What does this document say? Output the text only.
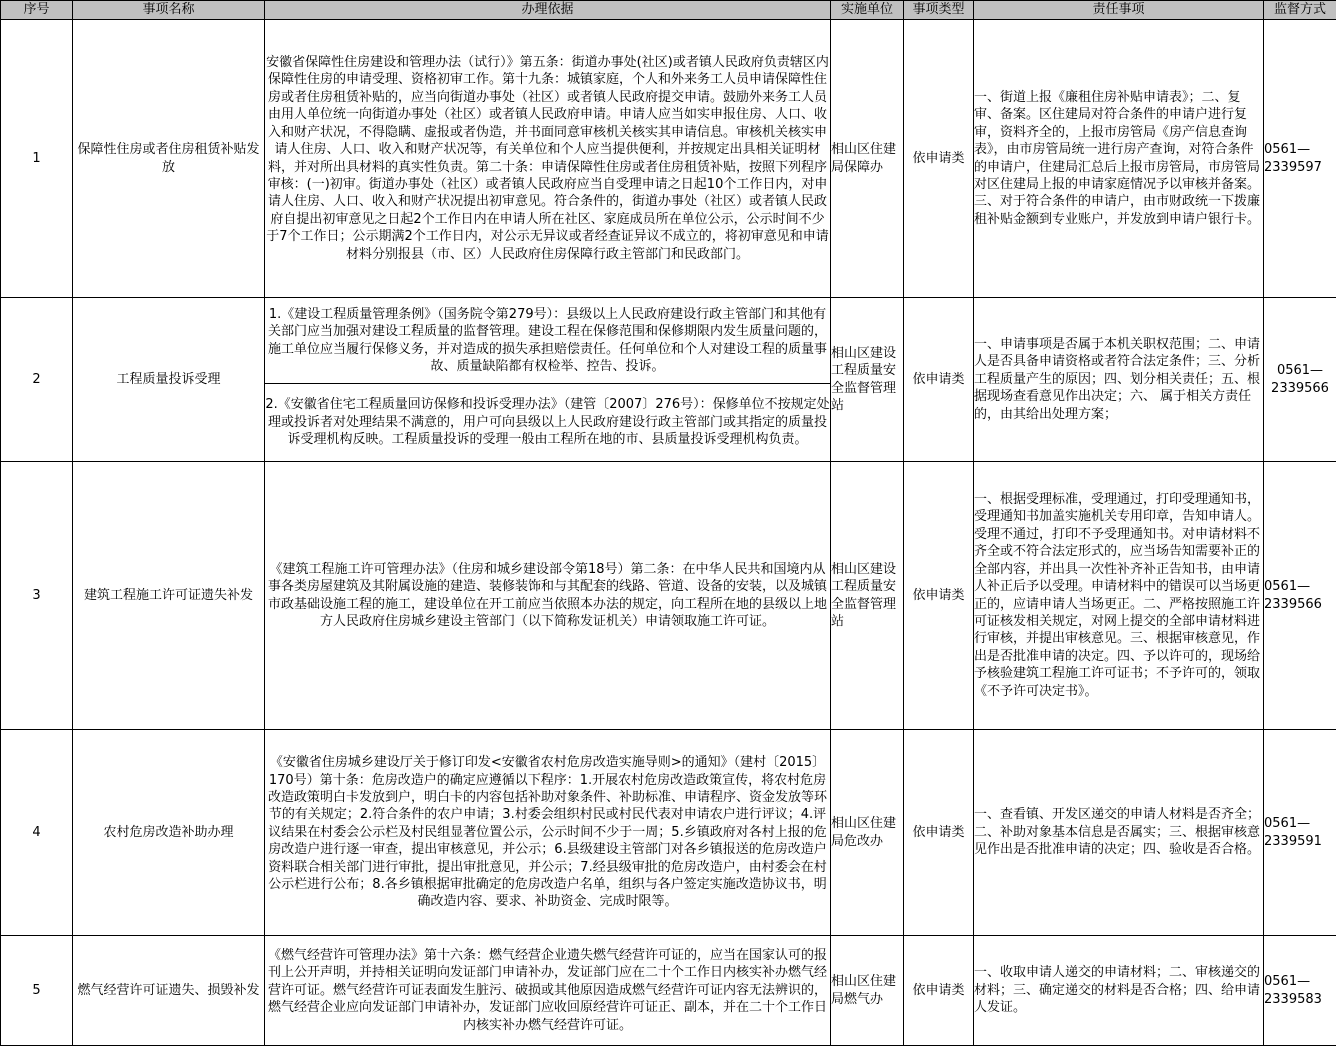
序号	事项名称	办理依据	实施单位	事项类型	责任事项	监督方式
1	保障性住房或者住房租赁补贴发放	安徽省保障性住房建设和管理办法（试行）》第五条：街道办事处(社区)或者镇人民政府负责辖区内保障性住房的申请受理、资格初审工作。第十九条：城镇家庭，个人和外来务工人员申请保障性住房或者住房租赁补贴的，应当向街道办事处（社区）或者镇人民政府提交申请。鼓励外来务工人员由用人单位统一向街道办事处（社区）或者镇人民政府申请。申请人应当如实申报住房、人口、收入和财产状况，不得隐瞒、虚报或者伪造，并书面同意审核机关核实其申请信息。审核机关核实申请人住房、人口、收入和财产状况等，有关单位和个人应当提供便利，并按规定出具相关证明材料，并对所出具材料的真实性负责。第二十条：申请保障性住房或者住房租赁补贴，按照下列程序审核：(一)初审。街道办事处（社区）或者镇人民政府应当自受理申请之日起10个工作日内，对申请人住房、人口、收入和财产状况提出初审意见。符合条件的，街道办事处（社区）或者镇人民政府自提出初审意见之日起2个工作日内在申请人所在社区、家庭成员所在单位公示，公示时间不少于7个工作日；公示期满2个工作日内，对公示无异议或者经查证异议不成立的，将初审意见和申请材料分别报县（市、区）人民政府住房保障行政主管部门和民政部门。	相山区住建局保障办	依申请类	一、街道上报《廉租住房补贴申请表》；二、复审、备案。区住建局对符合条件的申请户进行复审，资料齐全的，上报市房管局《房产信息查询表》，由市房管局统一进行房产查询，对符合条件的申请户，住建局汇总后上报市房管局，市房管局对区住建局上报的申请家庭情况予以审核并备案。三、对于符合条件的申请户，由市财政统一下拨廉租补贴金额到专业账户，并发放到申请户银行卡。	0561—2339597
2	工程质量投诉受理	1.《建设工程质量管理条例》（国务院令第279号）：县级以上人民政府建设行政主管部门和其他有关部门应当加强对建设工程质量的监督管理。建设工程在保修范围和保修期限内发生质量问题的，施工单位应当履行保修义务，并对造成的损失承担赔偿责任。任何单位和个人对建设工程的质量事故、质量缺陷都有权检举、控告、投诉。	相山区建设工程质量安全监督管理站	依申请类	一、申请事项是否属于本机关职权范围；二、申请人是否具备申请资格或者符合法定条件；三、分析工程质量产生的原因；四、划分相关责任；五、根据现场查看意见作出决定；六、 属于相关方责任的，由其给出处理方案；	0561—2339566
		2.《安徽省住宅工程质量回访保修和投诉受理办法》（建管〔2007〕276号）：保修单位不按规定处理或投诉者对处理结果不满意的，用户可向县级以上人民政府建设行政主管部门或其指定的质量投诉受理机构反映。工程质量投诉的受理一般由工程所在地的市、县质量投诉受理机构负责。				
3	建筑工程施工许可证遗失补发	《建筑工程施工许可管理办法》（住房和城乡建设部令第18号）第二条：在中华人民共和国境内从事各类房屋建筑及其附属设施的建造、装修装饰和与其配套的线路、管道、设备的安装，以及城镇市政基础设施工程的施工，建设单位在开工前应当依照本办法的规定，向工程所在地的县级以上地方人民政府住房城乡建设主管部门（以下简称发证机关）申请领取施工许可证。	相山区建设工程质量安全监督管理站	依申请类	一、根据受理标准，受理通过，打印受理通知书，受理通知书加盖实施机关专用印章，告知申请人。受理不通过，打印不予受理通知书。对申请材料不齐全或不符合法定形式的，应当场告知需要补正的全部内容，并出具一次性补齐补正告知书，由申请人补正后予以受理。申请材料中的错误可以当场更正的，应请申请人当场更正。二、严格按照施工许可证核发相关规定，对网上提交的全部申请材料进行审核，并提出审核意见。三、根据审核意见，作出是否批准申请的决定。四、予以许可的，现场给予核验建筑工程施工许可证书；不予许可的，领取《不予许可决定书》。	0561—2339566
4	农村危房改造补助办理	《安徽省住房城乡建设厅关于修订印发<安徽省农村危房改造实施导则>的通知》（建村〔2015〕170号）第十条：危房改造户的确定应遵循以下程序：1.开展农村危房改造政策宣传，将农村危房改造政策明白卡发放到户，明白卡的内容包括补助对象条件、补助标准、申请程序、资金发放等环节的有关规定；2.符合条件的农户申请；3.村委会组织村民或村民代表对申请农户进行评议；4.评议结果在村委会公示栏及村民组显著位置公示，公示时间不少于一周；5.乡镇政府对各村上报的危房改造户进行逐一审查，提出审核意见，并公示；6.县级建设主管部门对各乡镇报送的危房改造户资料联合相关部门进行审批，提出审批意见，并公示；7.经县级审批的危房改造户，由村委会在村公示栏进行公布；8.各乡镇根据审批确定的危房改造户名单，组织与各户签定实施改造协议书，明确改造内容、要求、补助资金、完成时限等。	相山区住建局危改办	依申请类	一、查看镇、开发区递交的申请人材料是否齐全；二、补助对象基本信息是否属实；三、根据审核意见作出是否批准申请的决定；四、验收是否合格。	0561—2339591
5	燃气经营许可证遗失、损毁补发	《燃气经营许可管理办法》第十六条：燃气经营企业遗失燃气经营许可证的，应当在国家认可的报刊上公开声明，并持相关证明向发证部门申请补办，发证部门应在二十个工作日内核实补办燃气经营许可证。燃气经营许可证表面发生脏污、破损或其他原因造成燃气经营许可证内容无法辨识的，燃气经营企业应向发证部门申请补办，发证部门应收回原经营许可证正、副本，并在二十个工作日内核实补办燃气经营许可证。	相山区住建局燃气办	依申请类	一、收取申请人递交的申请材料；二、审核递交的材料；三、确定递交的材料是否合格；四、给申请人发证。	0561—2339583
